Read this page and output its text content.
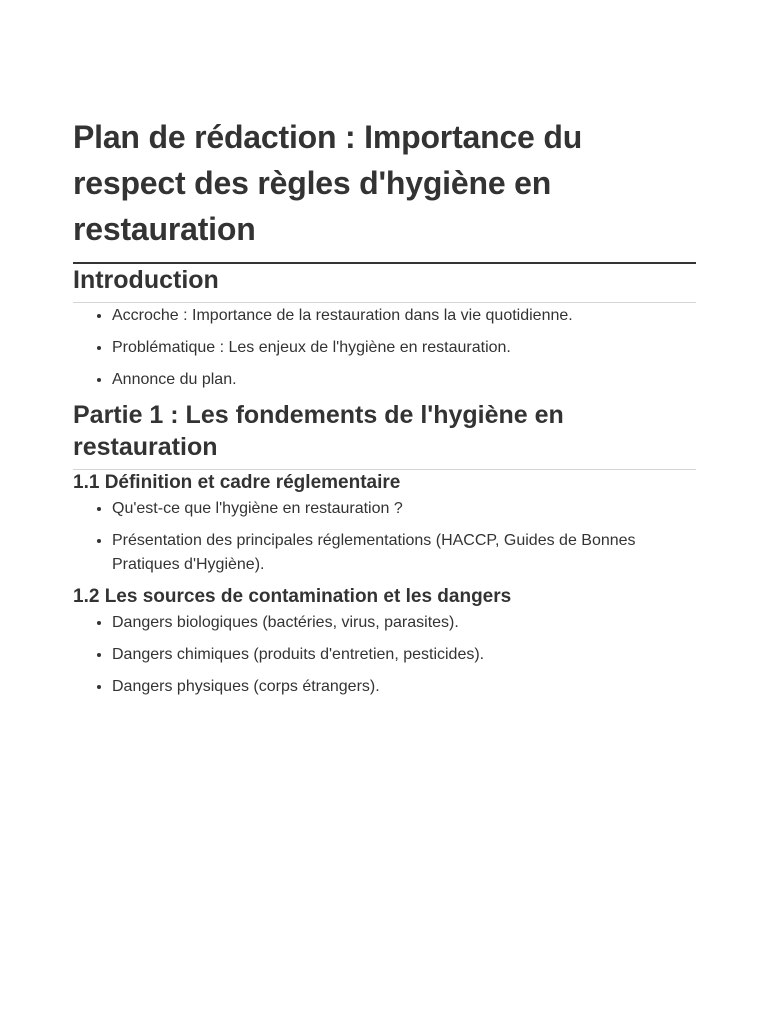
Plan de rédaction : Importance du respect des règles d'hygiène en restauration
Introduction
• Accroche : Importance de la restauration dans la vie quotidienne.
• Problématique : Les enjeux de l'hygiène en restauration.
• Annonce du plan.
Partie 1 : Les fondements de l'hygiène en restauration
1.1 Définition et cadre réglementaire
• Qu'est-ce que l'hygiène en restauration ?
• Présentation des principales réglementations (HACCP, Guides de Bonnes Pratiques d'Hygiène).
1.2 Les sources de contamination et les dangers
• Dangers biologiques (bactéries, virus, parasites).
• Dangers chimiques (produits d'entretien, pesticides).
• Dangers physiques (corps étrangers).
